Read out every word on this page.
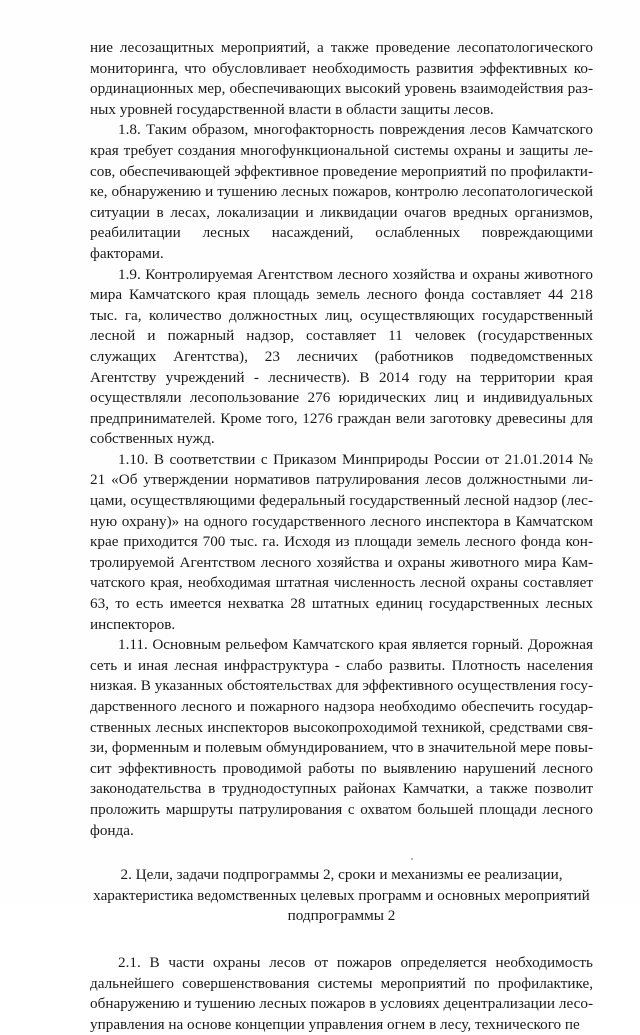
ние лесозащитных мероприятий, а также проведение лесопатологического мониторинга, что обусловливает необходимость развития эффективных координационных мер, обеспечивающих высокий уровень взаимодействия разных уровней государственной власти в области защиты лесов.

1.8. Таким образом, многофакторность повреждения лесов Камчатского края требует создания многофункциональной системы охраны и защиты лесов, обеспечивающей эффективное проведение мероприятий по профилактике, обнаружению и тушению лесных пожаров, контролю лесопатологической ситуации в лесах, локализации и ликвидации очагов вредных организмов, реабилитации лесных насаждений, ослабленных повреждающими факторами.

1.9. Контролируемая Агентством лесного хозяйства и охраны животного мира Камчатского края площадь земель лесного фонда составляет 44 218 тыс. га, количество должностных лиц, осуществляющих государственный лесной и пожарный надзор, составляет 11 человек (государственных служащих Агентства), 23 лесничих (работников подведомственных Агентству учреждений - лесничеств). В 2014 году на территории края осуществляли лесопользование 276 юридических лиц и индивидуальных предпринимателей. Кроме того, 1276 граждан вели заготовку древесины для собственных нужд.

1.10. В соответствии с Приказом Минприроды России от 21.01.2014 № 21 «Об утверждении нормативов патрулирования лесов должностными лицами, осуществляющими федеральный государственный лесной надзор (лесную охрану)» на одного государственного лесного инспектора в Камчатском крае приходится 700 тыс. га. Исходя из площади земель лесного фонда контролируемой Агентством лесного хозяйства и охраны животного мира Камчатского края, необходимая штатная численность лесной охраны составляет 63, то есть имеется нехватка 28 штатных единиц государственных лесных инспекторов.

1.11. Основным рельефом Камчатского края является горный. Дорожная сеть и иная лесная инфраструктура - слабо развиты. Плотность населения низкая. В указанных обстоятельствах для эффективного осуществления государственного лесного и пожарного надзора необходимо обеспечить государственных лесных инспекторов высокопроходимой техникой, средствами связи, форменным и полевым обмундированием, что в значительной мере повысит эффективность проводимой работы по выявлению нарушений лесного законодательства в труднодоступных районах Камчатки, а также позволит проложить маршруты патрулирования с охватом большей площади лесного фонда.

2. Цели, задачи подпрограммы 2, сроки и механизмы ее реализации,
характеристика ведомственных целевых программ и основных мероприятий
подпрограммы 2

2.1. В части охраны лесов от пожаров определяется необходимость дальнейшего совершенствования системы мероприятий по профилактике, обнаружению и тушению лесных пожаров в условиях децентрализации лесоуправления на основе концепции управления огнем в лесу, технического пе
